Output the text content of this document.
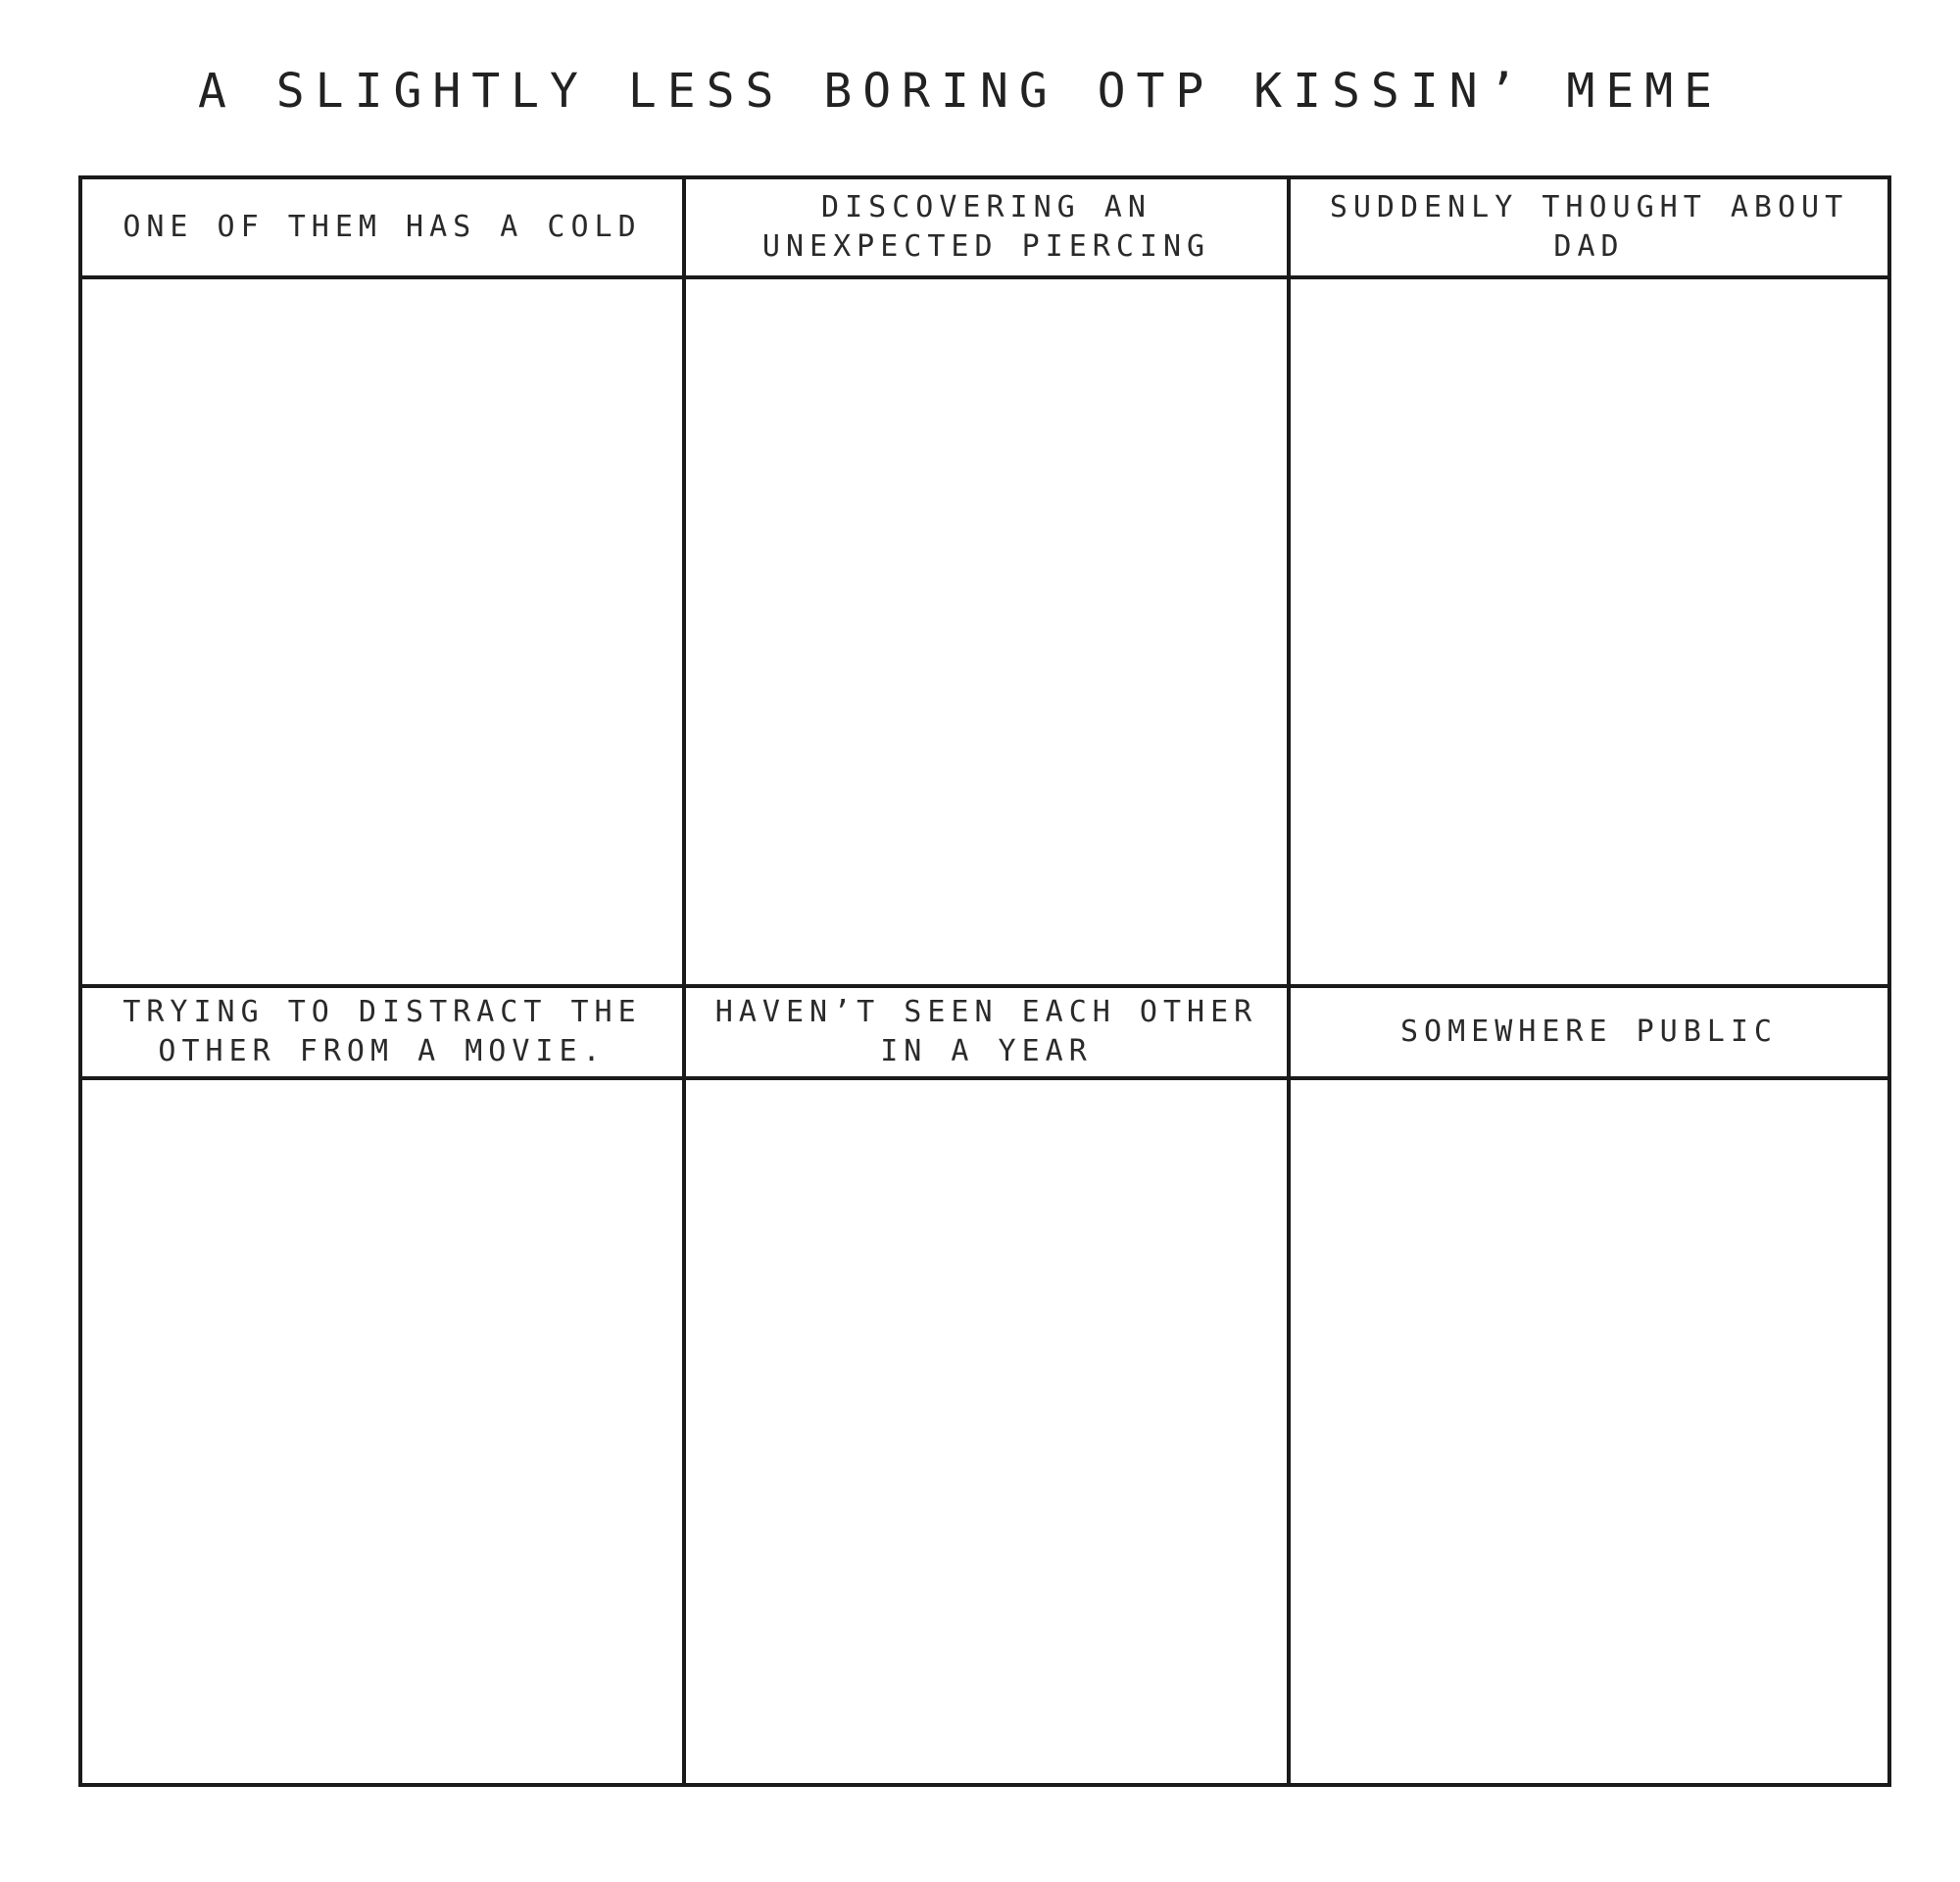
A SLIGHTLY LESS BORING OTP KISSIN’ MEME
ONE OF THEM HAS A COLD
DISCOVERING AN
UNEXPECTED PIERCING
SUDDENLY THOUGHT ABOUT
DAD
TRYING TO DISTRACT THE
OTHER FROM A MOVIE.
HAVEN’T SEEN EACH OTHER
IN A YEAR
SOMEWHERE PUBLIC
